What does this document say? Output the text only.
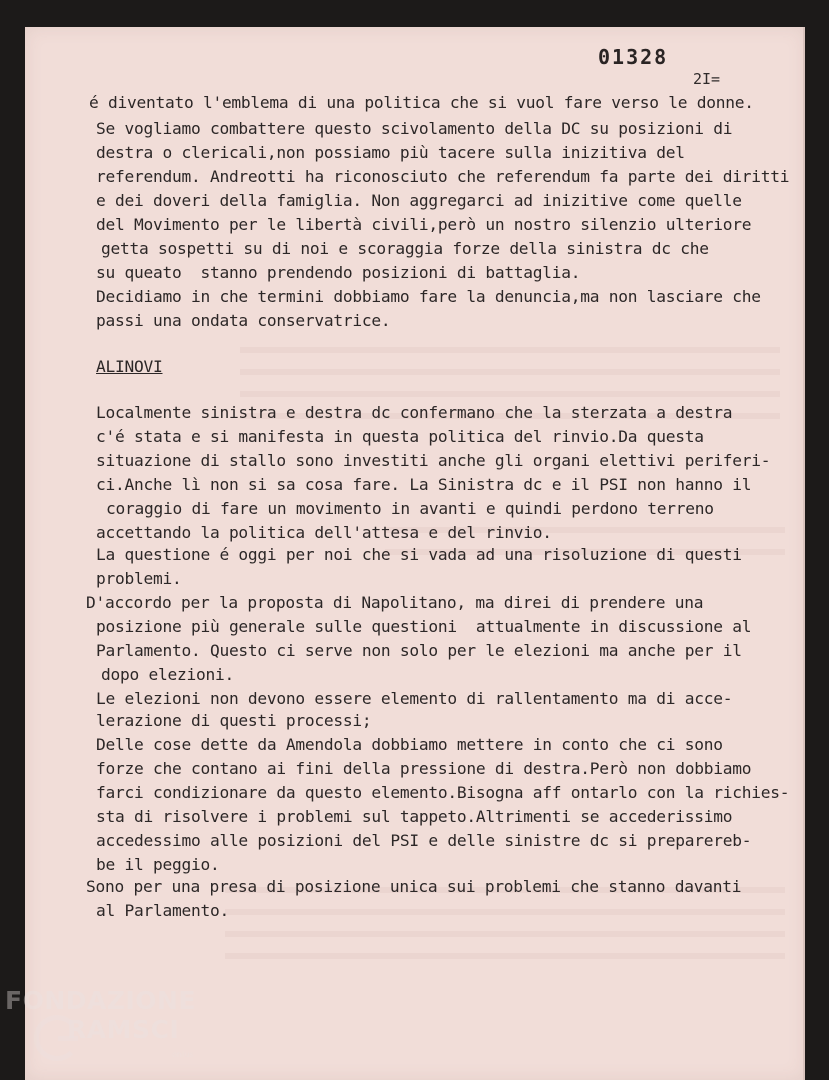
01328
2I=
é diventato l'emblema di una politica che si vuol fare verso le donne.
Se vogliamo combattere questo scivolamento della DC su posizioni di
destra o clericali,non possiamo più tacere sulla inizitiva del
referendum. Andreotti ha riconosciuto che referendum fa parte dei diritti
e dei doveri della famiglia. Non aggregarci ad inizitive come quelle
del Movimento per le libertà civili,però un nostro silenzio ulteriore
getta sospetti su di noi e scoraggia forze della sinistra dc che
su queato  stanno prendendo posizioni di battaglia.
Decidiamo in che termini dobbiamo fare la denuncia,ma non lasciare che
passi una ondata conservatrice.
ALINOVI
Localmente sinistra e destra dc confermano che la sterzata a destra
c'é stata e si manifesta in questa politica del rinvio.Da questa
situazione di stallo sono investiti anche gli organi elettivi periferi-
ci.Anche lì non si sa cosa fare. La Sinistra dc e il PSI non hanno il
coraggio di fare un movimento in avanti e quindi perdono terreno
accettando la politica dell'attesa e del rinvio.
La questione é oggi per noi che si vada ad una risoluzione di questi
problemi.
D'accordo per la proposta di Napolitano, ma direi di prendere una
posizione più generale sulle questioni  attualmente in discussione al
Parlamento. Questo ci serve non solo per le elezioni ma anche per il
dopo elezioni.
Le elezioni non devono essere elemento di rallentamento ma di acce-
lerazione di questi processi;
Delle cose dette da Amendola dobbiamo mettere in conto che ci sono
forze che contano ai fini della pressione di destra.Però non dobbiamo
farci condizionare da questo elemento.Bisogna aff ontarlo con la richies-
sta di risolvere i problemi sul tappeto.Altrimenti se accederissimo
accedessimo alle posizioni del PSI e delle sinistre dc si preparereb-
be il peggio.
Sono per una presa di posizione unica sui problemi che stanno davanti
al Parlamento.
FONDAZIONE
RAMSCI
onlus
